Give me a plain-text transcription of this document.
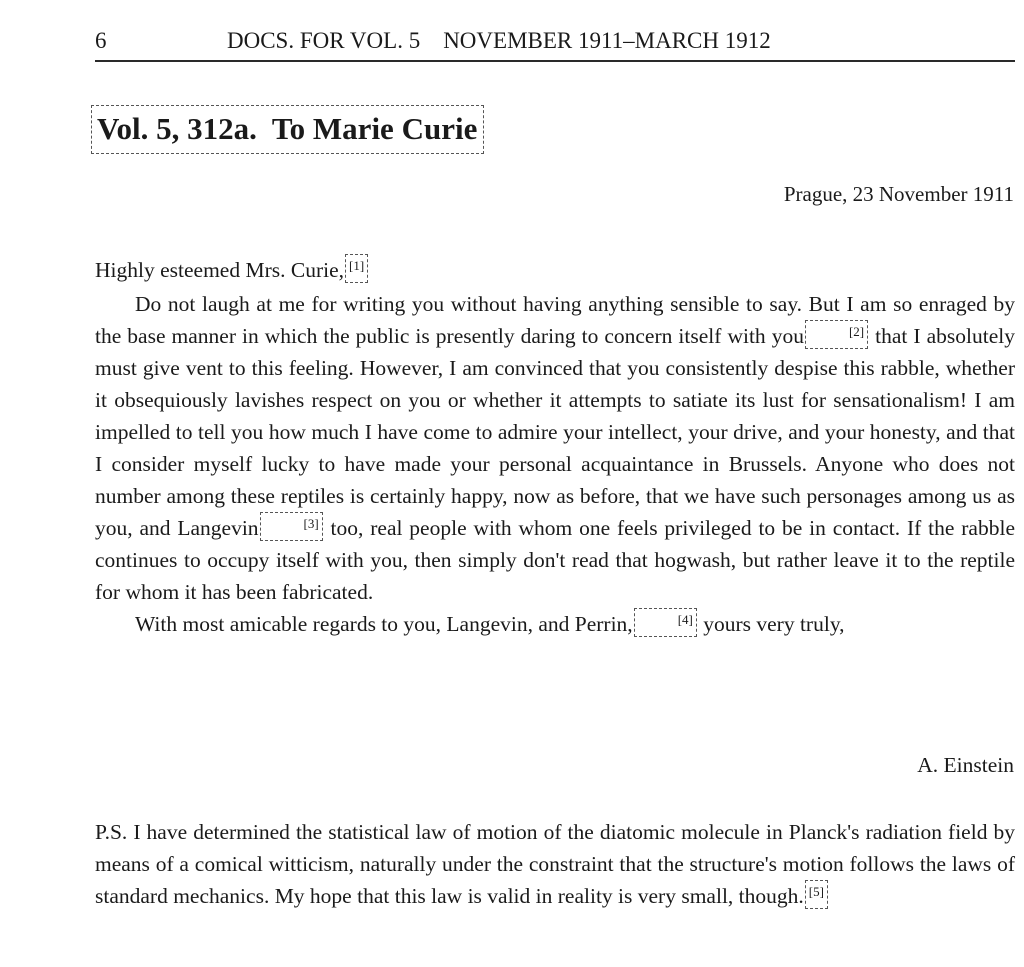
6	DOCS. FOR VOL. 5    NOVEMBER 1911–MARCH 1912
Vol. 5, 312a.  To Marie Curie
Prague, 23 November 1911
Highly esteemed Mrs. Curie, [1]

Do not laugh at me for writing you without having anything sensible to say. But I am so enraged by the base manner in which the public is presently daring to concern itself with you	[2] that I absolutely must give vent to this feeling. However, I am convinced that you consistently despise this rabble, whether it obsequiously lavishes respect on you or whether it attempts to satiate its lust for sensationalism! I am impelled to tell you how much I have come to admire your intellect, your drive, and your honesty, and that I consider myself lucky to have made your personal acquaintance in Brussels. Anyone who does not number among these reptiles is certainly happy, now as before, that we have such personages among us as you, and Langevin	[3] too, real people with whom one feels privileged to be in contact. If the rabble continues to occupy itself with you, then simply don't read that hogwash, but rather leave it to the reptile for whom it has been fabricated.

With most amicable regards to you, Langevin, and Perrin,	[4] yours very truly,

A. Einstein

P.S. I have determined the statistical law of motion of the diatomic molecule in Planck's radiation field by means of a comical witticism, naturally under the constraint that the structure's motion follows the laws of standard mechanics. My hope that this law is valid in reality is very small, though. [5]
